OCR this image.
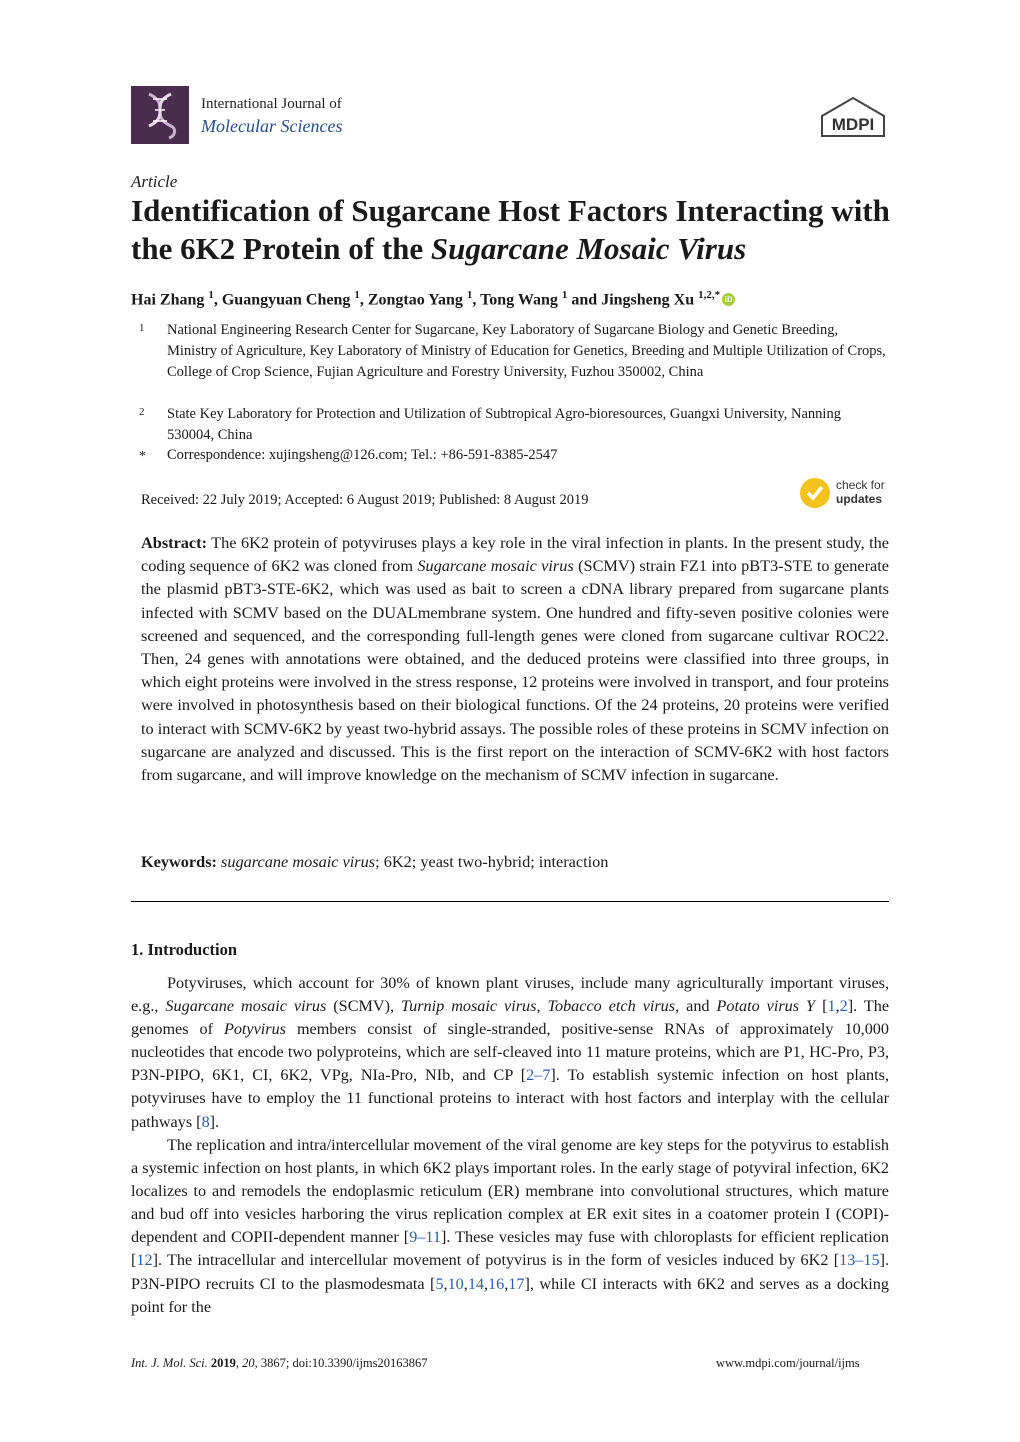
International Journal of
Molecular Sciences	MDPI
Article
Identification of Sugarcane Host Factors Interacting with the 6K2 Protein of the Sugarcane Mosaic Virus
Hai Zhang $^1$, Guangyuan Cheng $^1$, Zongtao Yang $^1$, Tong Wang $^1$ and Jingsheng Xu $^{1,2,*}$ iD
1	National Engineering Research Center for Sugarcane, Key Laboratory of Sugarcane Biology and Genetic Breeding, Ministry of Agriculture, Key Laboratory of Ministry of Education for Genetics, Breeding and Multiple Utilization of Crops, College of Crop Science, Fujian Agriculture and Forestry University, Fuzhou 350002, China
2	State Key Laboratory for Protection and Utilization of Subtropical Agro-bioresources, Guangxi University, Nanning 530004, China
*	Correspondence: xujingsheng@126.com; Tel.: +86-591-8385-2547
Received: 22 July 2019; Accepted: 6 August 2019; Published: 8 August 2019
check for
updates
Abstract: The 6K2 protein of potyviruses plays a key role in the viral infection in plants. In the present study, the coding sequence of 6K2 was cloned from Sugarcane mosaic virus (SCMV) strain FZ1 into pBT3-STE to generate the plasmid pBT3-STE-6K2, which was used as bait to screen a cDNA library prepared from sugarcane plants infected with SCMV based on the DUALmembrane system. One hundred and fifty-seven positive colonies were screened and sequenced, and the corresponding full-length genes were cloned from sugarcane cultivar ROC22. Then, 24 genes with annotations were obtained, and the deduced proteins were classified into three groups, in which eight proteins were involved in the stress response, 12 proteins were involved in transport, and four proteins were involved in photosynthesis based on their biological functions. Of the 24 proteins, 20 proteins were verified to interact with SCMV-6K2 by yeast two-hybrid assays. The possible roles of these proteins in SCMV infection on sugarcane are analyzed and discussed. This is the first report on the interaction of SCMV-6K2 with host factors from sugarcane, and will improve knowledge on the mechanism of SCMV infection in sugarcane.
Keywords: sugarcane mosaic virus; 6K2; yeast two-hybrid; interaction
1. Introduction
Potyviruses, which account for 30% of known plant viruses, include many agriculturally important viruses, e.g., Sugarcane mosaic virus (SCMV), Turnip mosaic virus, Tobacco etch virus, and Potato virus Y [1,2]. The genomes of Potyvirus members consist of single-stranded, positive-sense RNAs of approximately 10,000 nucleotides that encode two polyproteins, which are self-cleaved into 11 mature proteins, which are P1, HC-Pro, P3, P3N-PIPO, 6K1, CI, 6K2, VPg, NIa-Pro, NIb, and CP [2–7]. To establish systemic infection on host plants, potyviruses have to employ the 11 functional proteins to interact with host factors and interplay with the cellular pathways [8].
The replication and intra/intercellular movement of the viral genome are key steps for the potyvirus to establish a systemic infection on host plants, in which 6K2 plays important roles. In the early stage of potyviral infection, 6K2 localizes to and remodels the endoplasmic reticulum (ER) membrane into convolutional structures, which mature and bud off into vesicles harboring the virus replication complex at ER exit sites in a coatomer protein I (COPI)-dependent and COPII-dependent manner [9–11]. These vesicles may fuse with chloroplasts for efficient replication [12]. The intracellular and intercellular movement of potyvirus is in the form of vesicles induced by 6K2 [13–15]. P3N-PIPO recruits CI to the plasmodesmata [5,10,14,16,17], while CI interacts with 6K2 and serves as a docking point for the
Int. J. Mol. Sci. 2019, 20, 3867; doi:10.3390/ijms20163867	www.mdpi.com/journal/ijms
